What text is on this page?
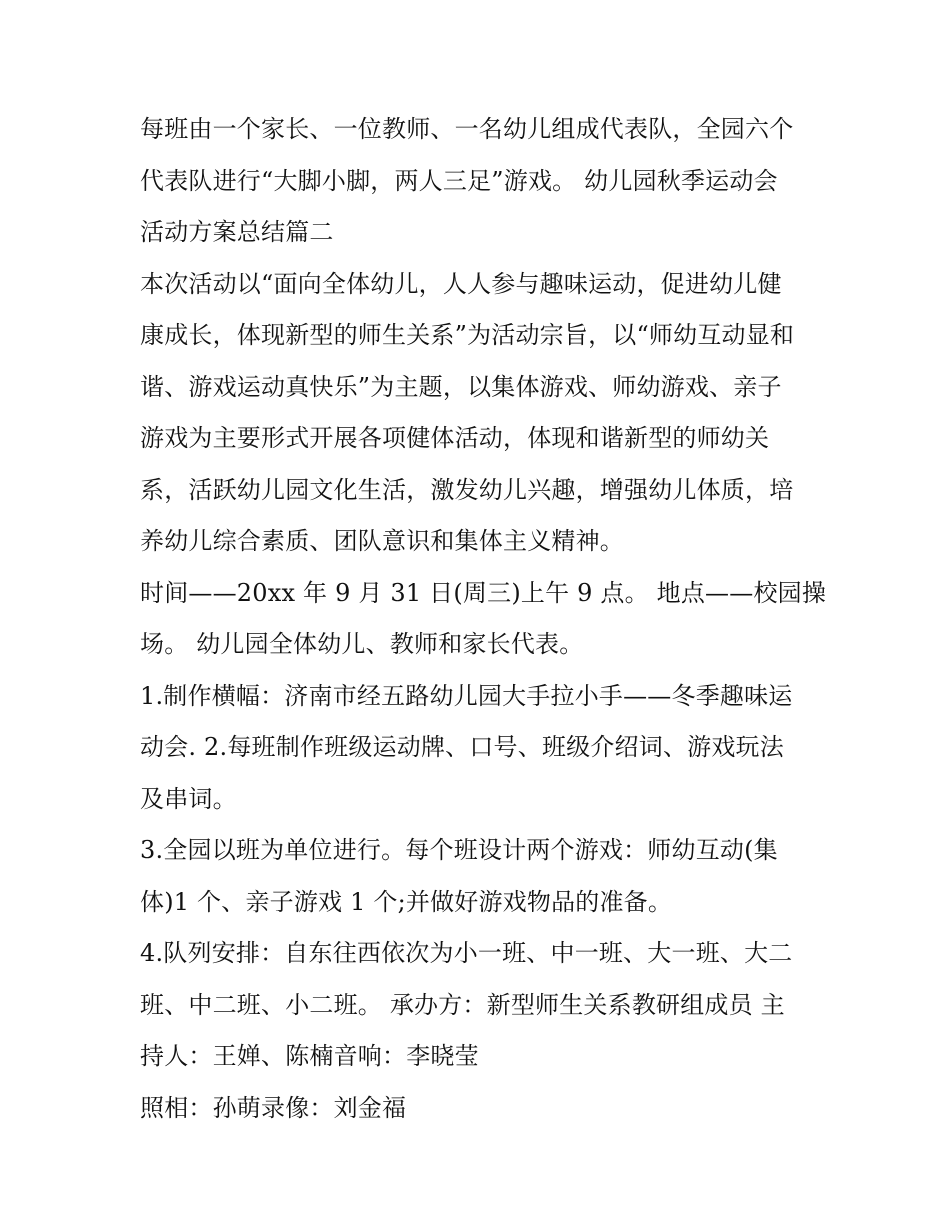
每班由一个家长、一位教师、一名幼儿组成代表队，全园六个
代表队进行“大脚小脚，两人三足”游戏。 幼儿园秋季运动会
活动方案总结篇二
本次活动以“面向全体幼儿，人人参与趣味运动，促进幼儿健
康成长，体现新型的师生关系”为活动宗旨，以“师幼互动显和
谐、游戏运动真快乐”为主题，以集体游戏、师幼游戏、亲子
游戏为主要形式开展各项健体活动，体现和谐新型的师幼关
系，活跃幼儿园文化生活，激发幼儿兴趣，增强幼儿体质，培
养幼儿综合素质、团队意识和集体主义精神。
时间——20xx 年 9 月 31 日(周三)上午 9 点。 地点——校园操
场。 幼儿园全体幼儿、教师和家长代表。
1.制作横幅：济南市经五路幼儿园大手拉小手——冬季趣味运
动会. 2.每班制作班级运动牌、口号、班级介绍词、游戏玩法
及串词。
3.全园以班为单位进行。每个班设计两个游戏：师幼互动(集
体)1 个、亲子游戏 1 个;并做好游戏物品的准备。
4.队列安排：自东往西依次为小一班、中一班、大一班、大二
班、中二班、小二班。 承办方：新型师生关系教研组成员 主
持人：王婵、陈楠音响：李晓莹
照相：孙萌录像：刘金福
